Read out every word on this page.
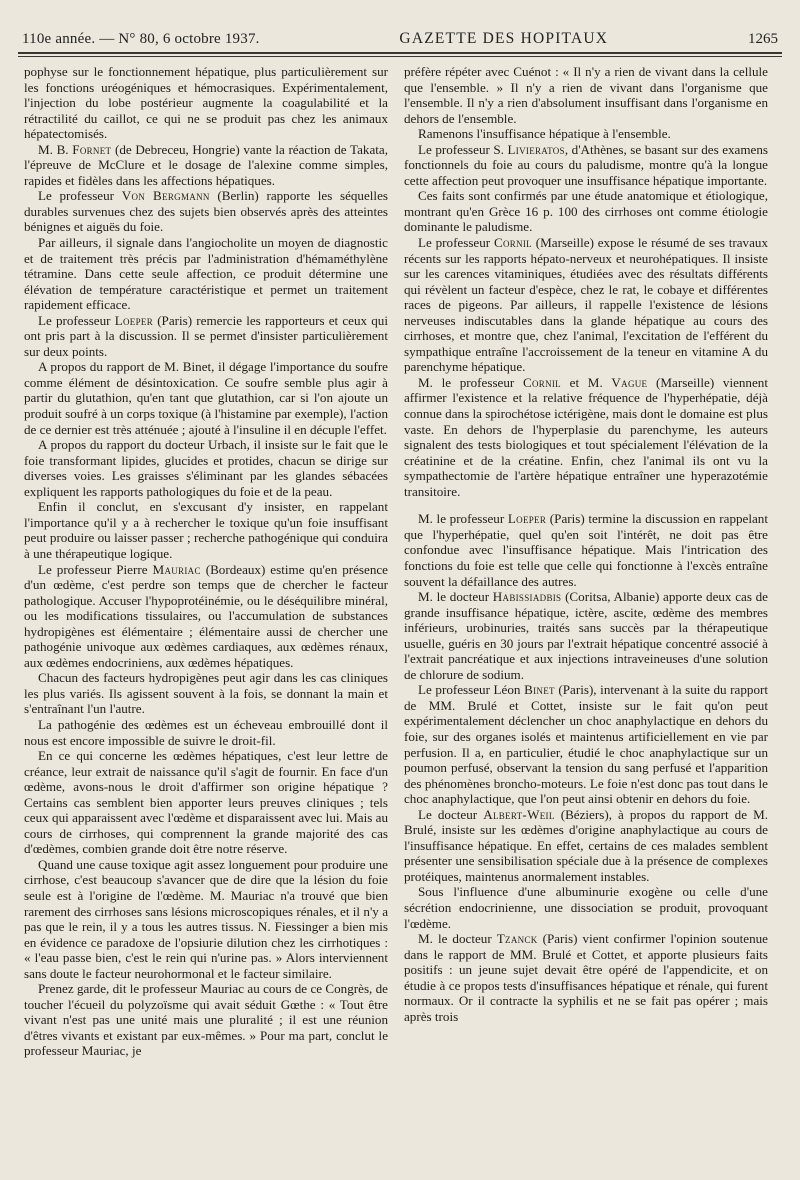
110e année. — N° 80, 6 octobre 1937.	GAZETTE DES HOPITAUX	1265

pophyse sur le fonctionnement hépatique, plus particulièrement sur les fonctions uréogéniques et hémocrasiques. Expérimentalement, l'injection du lobe postérieur augmente la coagulabilité et la rétractilité du caillot, ce qui ne se produit pas chez les animaux hépatectomisés.

M. B. Fornet (de Debreceu, Hongrie) vante la réaction de Takata, l'épreuve de McClure et le dosage de l'alexine comme simples, rapides et fidèles dans les affections hépatiques.

Le professeur Von Bergmann (Berlin) rapporte les séquelles durables survenues chez des sujets bien observés après des atteintes bénignes et aiguës du foie.

Par ailleurs, il signale dans l'angiocholite un moyen de diagnostic et de traitement très précis par l'administration d'hémaméthylène tétramine. Dans cette seule affection, ce produit détermine une élévation de température caractéristique et permet un traitement rapidement efficace.

Le professeur Loeper (Paris) remercie les rapporteurs et ceux qui ont pris part à la discussion. Il se permet d'insister particulièrement sur deux points.

A propos du rapport de M. Binet, il dégage l'importance du soufre comme élément de désintoxication. Ce soufre semble plus agir à partir du glutathion, qu'en tant que glutathion, car si l'on ajoute un produit soufré à un corps toxique (à l'histamine par exemple), l'action de ce dernier est très atténuée ; ajouté à l'insuline il en décuple l'effet.

A propos du rapport du docteur Urbach, il insiste sur le fait que le foie transformant lipides, glucides et protides, chacun se dirige sur diverses voies. Les graisses s'éliminant par les glandes sébacées expliquent les rapports pathologiques du foie et de la peau.

Enfin il conclut, en s'excusant d'y insister, en rappelant l'importance qu'il y a à rechercher le toxique qu'un foie insuffisant peut produire ou laisser passer ; recherche pathogénique qui conduira à une thérapeutique logique.

Le professeur Pierre Mauriac (Bordeaux) estime qu'en présence d'un œdème, c'est perdre son temps que de chercher le facteur pathologique. Accuser l'hypoprotéinémie, ou le déséquilibre minéral, ou les modifications tissulaires, ou l'accumulation de substances hydropigènes est élémentaire ; élémentaire aussi de chercher une pathogénie univoque aux œdèmes cardiaques, aux œdèmes rénaux, aux œdèmes endocriniens, aux œdèmes hépatiques.

Chacun des facteurs hydropigènes peut agir dans les cas cliniques les plus variés. Ils agissent souvent à la fois, se donnant la main et s'entraînant l'un l'autre.

La pathogénie des œdèmes est un écheveau embrouillé dont il nous est encore impossible de suivre le droit-fil.

En ce qui concerne les œdèmes hépatiques, c'est leur lettre de créance, leur extrait de naissance qu'il s'agit de fournir. En face d'un œdème, avons-nous le droit d'affirmer son origine hépatique ? Certains cas semblent bien apporter leurs preuves cliniques ; tels ceux qui apparaissent avec l'œdème et disparaissent avec lui. Mais au cours de cirrhoses, qui comprennent la grande majorité des cas d'œdèmes, combien grande doit être notre réserve.

Quand une cause toxique agit assez longuement pour produire une cirrhose, c'est beaucoup s'avancer que de dire que la lésion du foie seule est à l'origine de l'œdème. M. Mauriac n'a trouvé que bien rarement des cirrhoses sans lésions microscopiques rénales, et il n'y a pas que le rein, il y a tous les autres tissus. N. Fiessinger a bien mis en évidence ce paradoxe de l'opsiurie dilution chez les cirrhotiques : « l'eau passe bien, c'est le rein qui n'urine pas. » Alors interviennent sans doute le facteur neurohormonal et le facteur similaire.

Prenez garde, dit le professeur Mauriac au cours de ce Congrès, de toucher l'écueil du polyzoïsme qui avait séduit Gœthe : « Tout être vivant n'est pas une unité mais une pluralité ; il est une réunion d'êtres vivants et existant par eux-mêmes. » Pour ma part, conclut le professeur Mauriac, je

préfère répéter avec Cuénot : « Il n'y a rien de vivant dans la cellule que l'ensemble. » Il n'y a rien de vivant dans l'organisme que l'ensemble. Il n'y a rien d'absolument insuffisant dans l'organisme en dehors de l'ensemble.

Ramenons l'insuffisance hépatique à l'ensemble.

Le professeur S. Livieratos, d'Athènes, se basant sur des examens fonctionnels du foie au cours du paludisme, montre qu'à la longue cette affection peut provoquer une insuffisance hépatique importante.

Ces faits sont confirmés par une étude anatomique et étiologique, montrant qu'en Grèce 16 p. 100 des cirrhoses ont comme étiologie dominante le paludisme.

Le professeur Cornil (Marseille) expose le résumé de ses travaux récents sur les rapports hépato-nerveux et neurohépatiques. Il insiste sur les carences vitaminiques, étudiées avec des résultats différents qui révèlent un facteur d'espèce, chez le rat, le cobaye et différentes races de pigeons. Par ailleurs, il rappelle l'existence de lésions nerveuses indiscutables dans la glande hépatique au cours des cirrhoses, et montre que, chez l'animal, l'excitation de l'efférent du sympathique entraîne l'accroissement de la teneur en vitamine A du parenchyme hépatique.

M. le professeur Cornil et M. Vague (Marseille) viennent affirmer l'existence et la relative fréquence de l'hyperhépatie, déjà connue dans la spirochétose ictérigène, mais dont le domaine est plus vaste. En dehors de l'hyperplasie du parenchyme, les auteurs signalent des tests biologiques et tout spécialement l'élévation de la créatinine et de la créatine. Enfin, chez l'animal ils ont vu la sympathectomie de l'artère hépatique entraîner une hyperazotémie transitoire.

M. le professeur Loeper (Paris) termine la discussion en rappelant que l'hyperhépatie, quel qu'en soit l'intérêt, ne doit pas être confondue avec l'insuffisance hépatique. Mais l'intrication des fonctions du foie est telle que celle qui fonctionne à l'excès entraîne souvent la défaillance des autres.

M. le docteur Habissiadbis (Coritsa, Albanie) apporte deux cas de grande insuffisance hépatique, ictère, ascite, œdème des membres inférieurs, urobinuries, traités sans succès par la thérapeutique usuelle, guéris en 30 jours par l'extrait hépatique concentré associé à l'extrait pancréatique et aux injections intraveineuses d'une solution de chlorure de sodium.

Le professeur Léon Binet (Paris), intervenant à la suite du rapport de MM. Brulé et Cottet, insiste sur le fait qu'on peut expérimentalement déclencher un choc anaphylactique en dehors du foie, sur des organes isolés et maintenus artificiellement en vie par perfusion. Il a, en particulier, étudié le choc anaphylactique sur un poumon perfusé, observant la tension du sang perfusé et l'apparition des phénomènes broncho-moteurs. Le foie n'est donc pas tout dans le choc anaphylactique, que l'on peut ainsi obtenir en dehors du foie.

Le docteur Albert-Weil (Béziers), à propos du rapport de M. Brulé, insiste sur les œdèmes d'origine anaphylactique au cours de l'insuffisance hépatique. En effet, certains de ces malades semblent présenter une sensibilisation spéciale due à la présence de complexes protéiques, maintenus anormalement instables.

Sous l'influence d'une albuminurie exogène ou celle d'une sécrétion endocrinienne, une dissociation se produit, provoquant l'œdème.

M. le docteur Tzanck (Paris) vient confirmer l'opinion soutenue dans le rapport de MM. Brulé et Cottet, et apporte plusieurs faits positifs : un jeune sujet devait être opéré de l'appendicite, et on étudie à ce propos tests d'insuffisances hépatique et rénale, qui furent normaux. Or il contracte la syphilis et ne se fait pas opérer ; mais après trois
